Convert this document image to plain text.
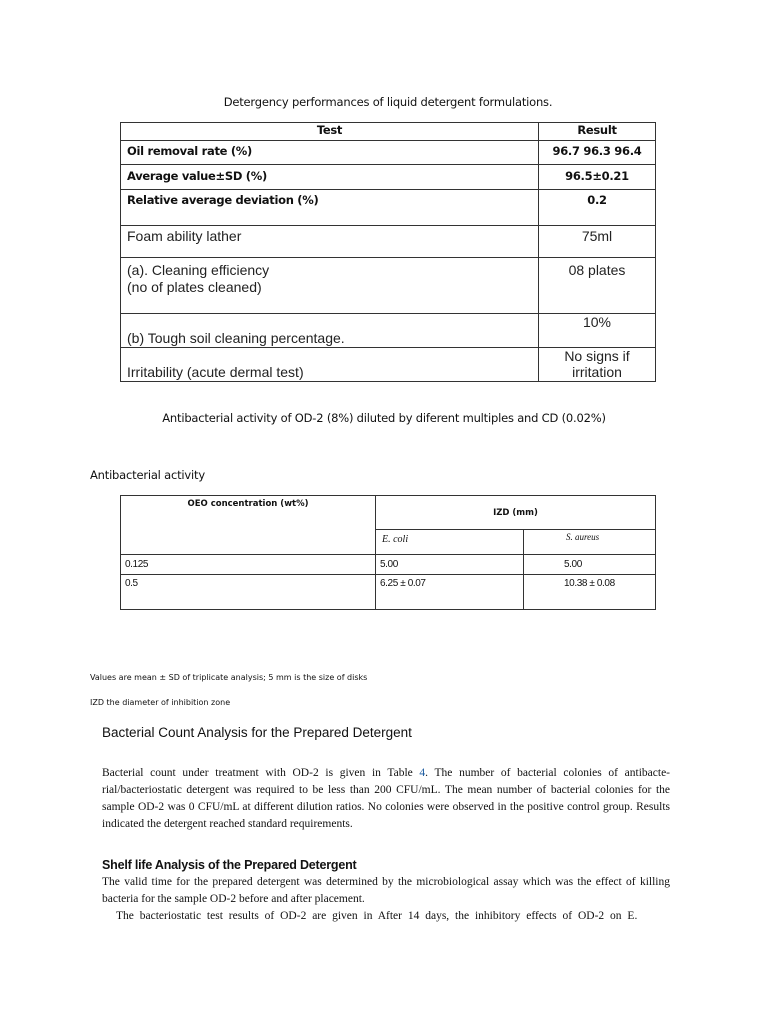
Detergency performances of liquid detergent formulations.
Test	Result
Oil removal rate (%)	96.7 96.3 96.4
Average value±SD (%)	96.5±0.21
Relative average deviation (%)	0.2
Foam ability lather	75ml

(a). Cleaning efficiency
(no of plates cleaned)	08 plates
(b) Tough soil cleaning percentage.	10%
Irritability (acute dermal test)	No signs if
irritation
Antibacterial activity of OD-2 (8%) diluted by diferent multiples and CD (0.02%)
Antibacterial activity
OEO concentration (wt%)	IZD (mm)	
	E. coli	S. aureus
0.125	5.00	5.00
0.5	6.25 ± 0.07	10.38 ± 0.08
Values are mean ± SD of triplicate analysis; 5 mm is the size of disks
IZD the diameter of inhibition zone
Bacterial Count Analysis for the Prepared Detergent
Bacterial count under treatment with OD-2 is given in Table 4. The number of bacterial colonies of antibacte-rial/bacteriostatic detergent was required to be less than 200 CFU/mL. The mean number of bacterial colonies for the sample OD-2 was 0 CFU/mL at different dilution ratios. No colonies were observed in the positive control group. Results indicated the detergent reached standard requirements.
Shelf life Analysis of the Prepared Detergent
The valid time for the prepared detergent was determined by the microbiological assay which was the effect of killing bacteria for the sample OD-2 before and after placement.
The bacteriostatic test results of OD-2 are given in After 14 days, the inhibitory effects of OD-2 on E.
